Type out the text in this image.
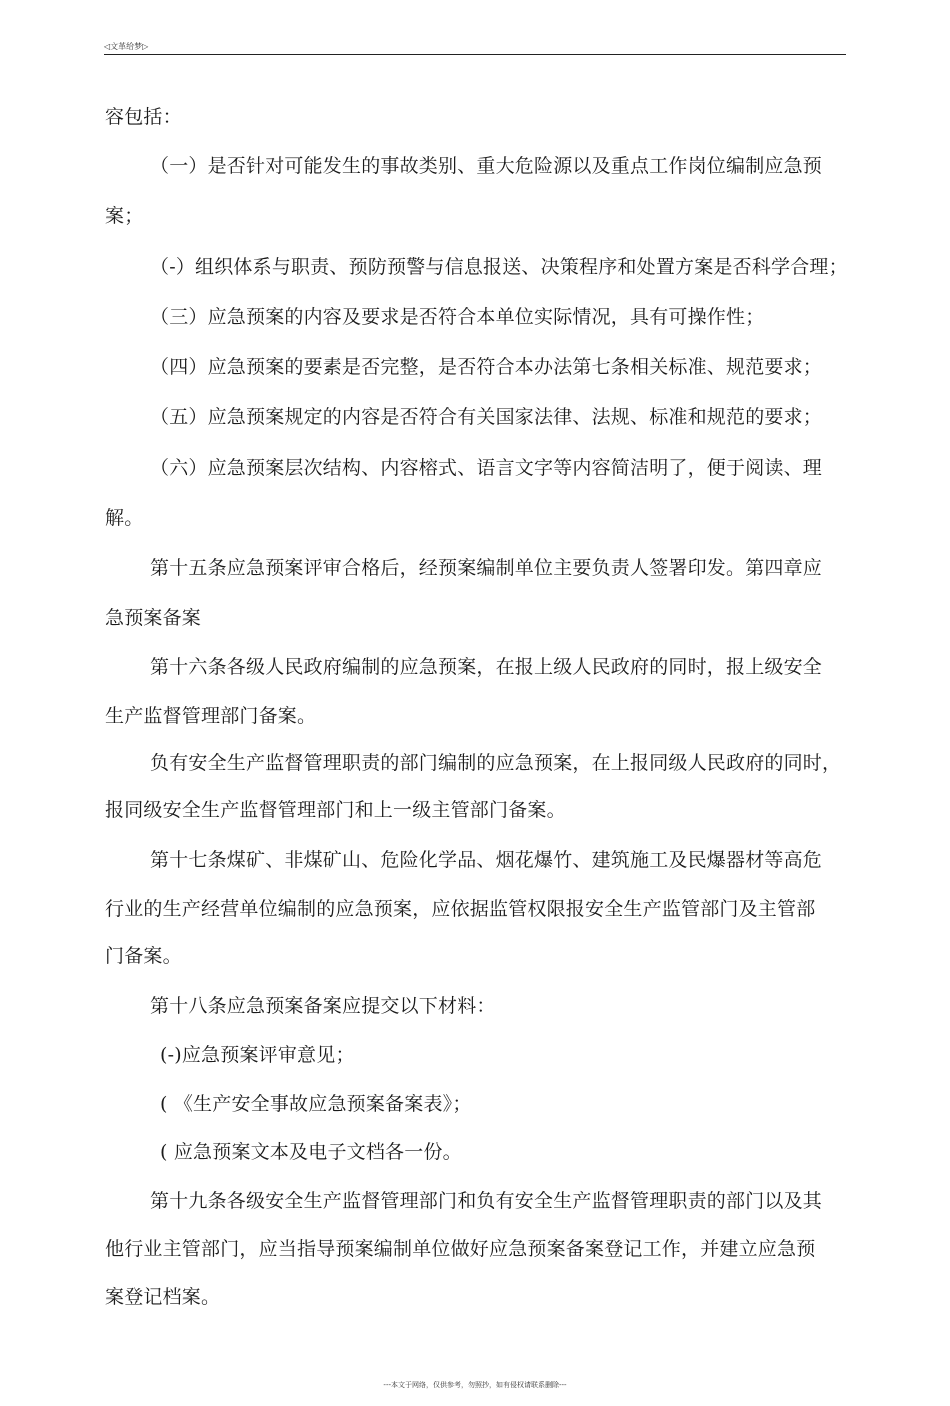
◁文革给梦▷
容包括：
（一）是否针对可能发生的事故类别、重大危险源以及重点工作岗位编制应急预
案；
（-）组织体系与职责、预防预警与信息报送、决策程序和处置方案是否科学合理；
（三）应急预案的内容及要求是否符合本单位实际情况，具有可操作性；
（四）应急预案的要素是否完整，是否符合本办法第七条相关标准、规范要求；
（五）应急预案规定的内容是否符合有关国家法律、法规、标准和规范的要求；
（六）应急预案层次结构、内容榕式、语言文字等内容简洁明了，便于阅读、理
解。
第十五条应急预案评审合格后，经预案编制单位主要负责人签署印发。第四章应
急预案备案
第十六条各级人民政府编制的应急预案，在报上级人民政府的同时，报上级安全
生产监督管理部门备案。
负有安全生产监督管理职责的部门编制的应急预案，在上报同级人民政府的同时，
报同级安全生产监督管理部门和上一级主管部门备案。
第十七条煤矿、非煤矿山、危险化学品、烟花爆竹、建筑施工及民爆器材等高危
行业的生产经营单位编制的应急预案，应依据监管权限报安全生产监管部门及主管部
门备案。
第十八条应急预案备案应提交以下材料：
(-)应急预案评审意见；
( 《生产安全事故应急预案备案表》；
( 应急预案文本及电子文档各一份。
第十九条各级安全生产监督管理部门和负有安全生产监督管理职责的部门以及其
他行业主管部门，应当指导预案编制单位做好应急预案备案登记工作，并建立应急预
案登记档案。
---本文于网络，仅供参考，勿照抄，如有侵权请联系删除---
